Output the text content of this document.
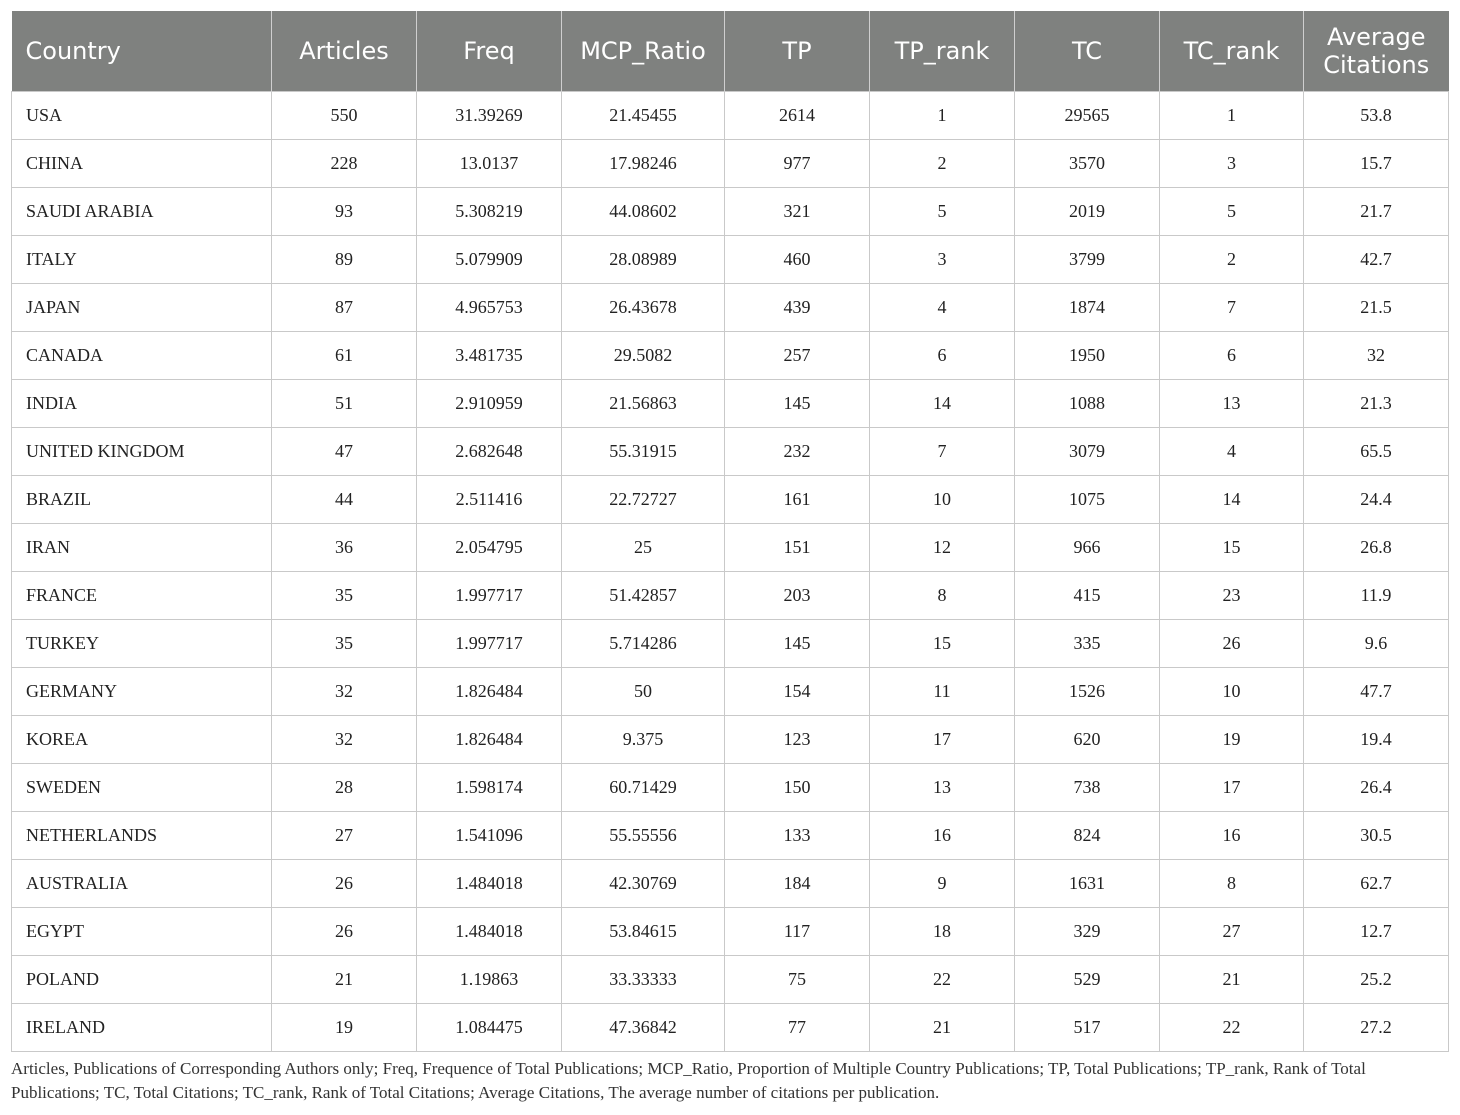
Country	Articles	Freq	MCP_Ratio	TP	TP_rank	TC	TC_rank	Average Citations
USA	550	31.39269	21.45455	2614	1	29565	1	53.8
CHINA	228	13.0137	17.98246	977	2	3570	3	15.7
SAUDI ARABIA	93	5.308219	44.08602	321	5	2019	5	21.7
ITALY	89	5.079909	28.08989	460	3	3799	2	42.7
JAPAN	87	4.965753	26.43678	439	4	1874	7	21.5
CANADA	61	3.481735	29.5082	257	6	1950	6	32
INDIA	51	2.910959	21.56863	145	14	1088	13	21.3
UNITED KINGDOM	47	2.682648	55.31915	232	7	3079	4	65.5
BRAZIL	44	2.511416	22.72727	161	10	1075	14	24.4
IRAN	36	2.054795	25	151	12	966	15	26.8
FRANCE	35	1.997717	51.42857	203	8	415	23	11.9
TURKEY	35	1.997717	5.714286	145	15	335	26	9.6
GERMANY	32	1.826484	50	154	11	1526	10	47.7
KOREA	32	1.826484	9.375	123	17	620	19	19.4
SWEDEN	28	1.598174	60.71429	150	13	738	17	26.4
NETHERLANDS	27	1.541096	55.55556	133	16	824	16	30.5
AUSTRALIA	26	1.484018	42.30769	184	9	1631	8	62.7
EGYPT	26	1.484018	53.84615	117	18	329	27	12.7
POLAND	21	1.19863	33.33333	75	22	529	21	25.2
IRELAND	19	1.084475	47.36842	77	21	517	22	27.2
Articles, Publications of Corresponding Authors only; Freq, Frequence of Total Publications; MCP_Ratio, Proportion of Multiple Country Publications; TP, Total Publications; TP_rank, Rank of Total Publications; TC, Total Citations; TC_rank, Rank of Total Citations; Average Citations, The average number of citations per publication.
